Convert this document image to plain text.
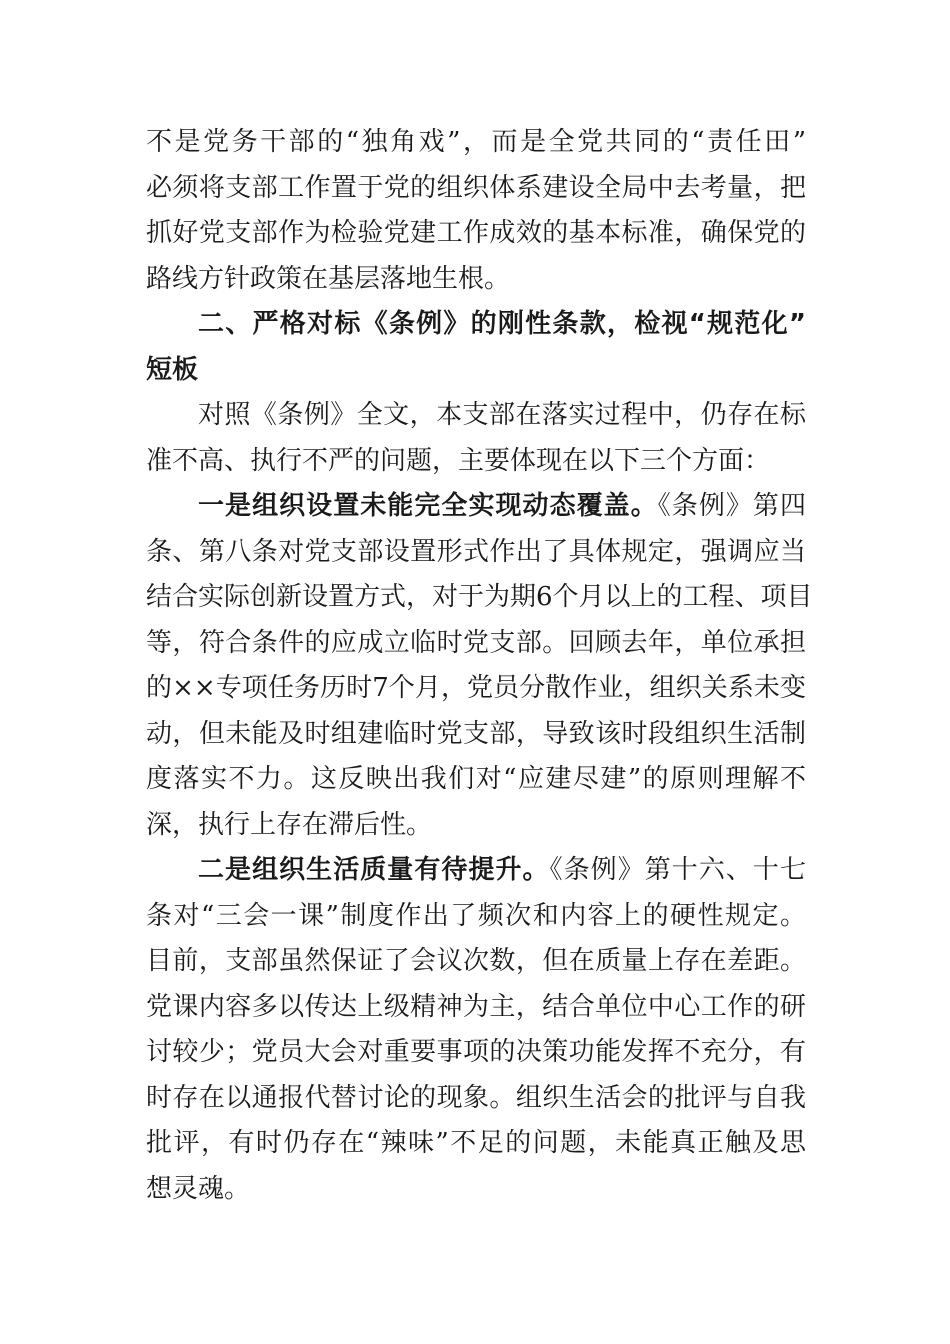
不是党务干部的“独角戏”，而是全党共同的“责任田”
必须将支部工作置于党的组织体系建设全局中去考量，把
抓好党支部作为检验党建工作成效的基本标准，确保党的
路线方针政策在基层落地生根。
二、严格对标《条例》的刚性条款，检视“规范化”
短板
对照《条例》全文，本支部在落实过程中，仍存在标
准不高、执行不严的问题，主要体现在以下三个方面：
一是组织设置未能完全实现动态覆盖。《条例》第四
条、第八条对党支部设置形式作出了具体规定，强调应当
结合实际创新设置方式，对于为期6个月以上的工程、项目
等，符合条件的应成立临时党支部。回顾去年，单位承担
的××专项任务历时7个月，党员分散作业，组织关系未变
动，但未能及时组建临时党支部，导致该时段组织生活制
度落实不力。这反映出我们对“应建尽建”的原则理解不
深，执行上存在滞后性。
二是组织生活质量有待提升。《条例》第十六、十七
条对“三会一课”制度作出了频次和内容上的硬性规定。
目前，支部虽然保证了会议次数，但在质量上存在差距。
党课内容多以传达上级精神为主，结合单位中心工作的研
讨较少；党员大会对重要事项的决策功能发挥不充分，有
时存在以通报代替讨论的现象。组织生活会的批评与自我
批评，有时仍存在“辣味”不足的问题，未能真正触及思
想灵魂。
